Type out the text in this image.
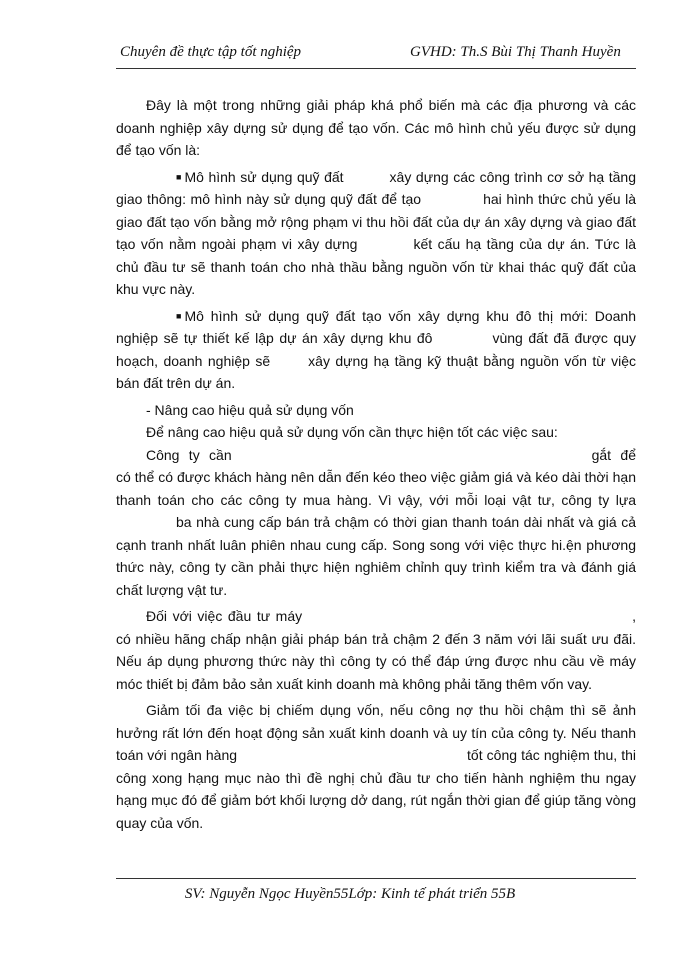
Chuyên đề thực tập tốt nghiệp	GVHD: Th.S Bùi Thị Thanh Huyền

Đây là một trong những giải pháp khá phổ biến mà các địa phương và các doanh nghiệp xây dựng sử dụng để tạo vốn. Các mô hình chủ yếu được sử dụng để tạo vốn là:

■ Mô hình sử dụng quỹ đất	xây dựng các công trình cơ sở hạ tầng giao thông: mô hình này sử dụng quỹ đất để tạo	hai hình thức chủ yếu là giao đất tạo vốn bằng mở rộng phạm vi thu hồi đất của dự án xây dựng và giao đất tạo vốn nằm ngoài phạm vi xây dựng	kết cấu hạ tầng của dự án. Tức là chủ đầu tư sẽ thanh toán cho nhà thầu bằng nguồn vốn từ khai thác quỹ đất của khu vực này.

■ Mô hình sử dụng quỹ đất tạo vốn xây dựng khu đô thị mới: Doanh nghiệp sẽ tự thiết kế lập dự án xây dựng khu đô	vùng đất đã được quy hoạch, doanh nghiệp sẽ	xây dựng hạ tầng kỹ thuật bằng nguồn vốn từ việc bán đất trên dự án.

- Nâng cao hiệu quả sử dụng vốn

Để nâng cao hiệu quả sử dụng vốn cần thực hiện tốt các việc sau:

Công ty cần	gắt để có thể có được khách hàng nên dẫn đến kéo theo việc giảm giá và kéo dài thời hạn thanh toán cho các công ty mua hàng. Vì vậy, với mỗi loại vật tư, công ty lựaba nhà cung cấp bán trả chậm có thời gian thanh toán dài nhất và giá cả cạnh tranh nhất luân phiên nhau cung cấp. Song song với việc thực hi.ện phương thức này, công ty cần phải thực hiện nghiêm chỉnh quy trình kiểm tra và đánh giá chất lượng vật tư.

Đối với việc đầu tư máy	, có nhiều hãng chấp nhận giải pháp bán trả chậm 2 đến 3 năm với lãi suất ưu đãi. Nếu áp dụng phương thức này thì công ty có thể đáp ứng được nhu cầu về máy móc thiết bị đảm bảo sản xuất kinh doanh mà không phải tăng thêm vốn vay.

Giảm tối đa việc bị chiếm dụng vốn, nếu công nợ thu hồi chậm thì sẽ ảnh hưởng rất lớn đến hoạt động sản xuất kinh doanh và uy tín của công ty. Nếu thanh toán với ngân hàng	tốt công tác nghiệm thu, thi công xong hạng mục nào thì đề nghị chủ đầu tư cho tiến hành nghiệm thu ngay hạng mục đó để giảm bớt khối lượng dở dang, rút ngắn thời gian để giúp tăng vòng quay của vốn.

SV: Nguyễn Ngọc Huyền55Lớp: Kinh tế phát triển 55B
